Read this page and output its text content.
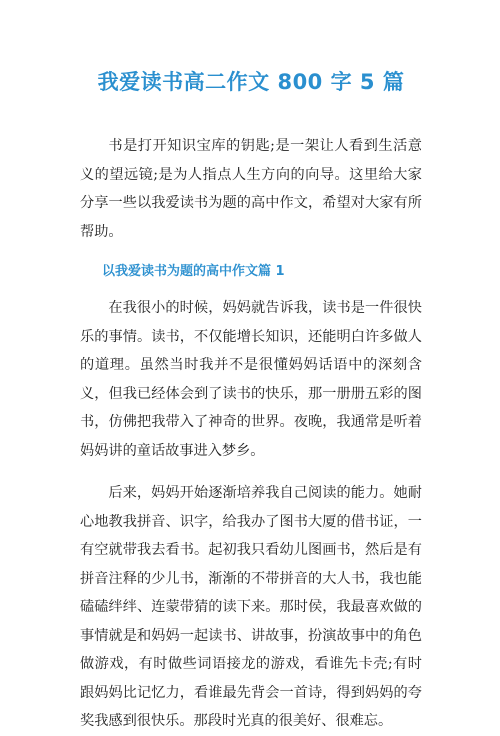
我爱读书高二作文 800 字 5 篇

书是打开知识宝库的钥匙;是一架让人看到生活意义的望远镜;是为人指点人生方向的向导。这里给大家分享一些以我爱读书为题的高中作文，希望对大家有所帮助。

以我爱读书为题的高中作文篇 1

在我很小的时候，妈妈就告诉我，读书是一件很快乐的事情。读书，不仅能增长知识，还能明白许多做人的道理。虽然当时我并不是很懂妈妈话语中的深刻含义，但我已经体会到了读书的快乐，那一册册五彩的图书，仿佛把我带入了神奇的世界。夜晚，我通常是听着妈妈讲的童话故事进入梦乡。

后来，妈妈开始逐渐培养我自己阅读的能力。她耐心地教我拼音、识字，给我办了图书大厦的借书证，一有空就带我去看书。起初我只看幼儿图画书，然后是有拼音注释的少儿书，渐渐的不带拼音的大人书，我也能磕磕绊绊、连蒙带猜的读下来。那时侯，我最喜欢做的事情就是和妈妈一起读书、讲故事，扮演故事中的角色做游戏，有时做些词语接龙的游戏，看谁先卡壳;有时跟妈妈比记忆力，看谁最先背会一首诗，得到妈妈的夸奖我感到很快乐。那段时光真的很美好、很难忘。
